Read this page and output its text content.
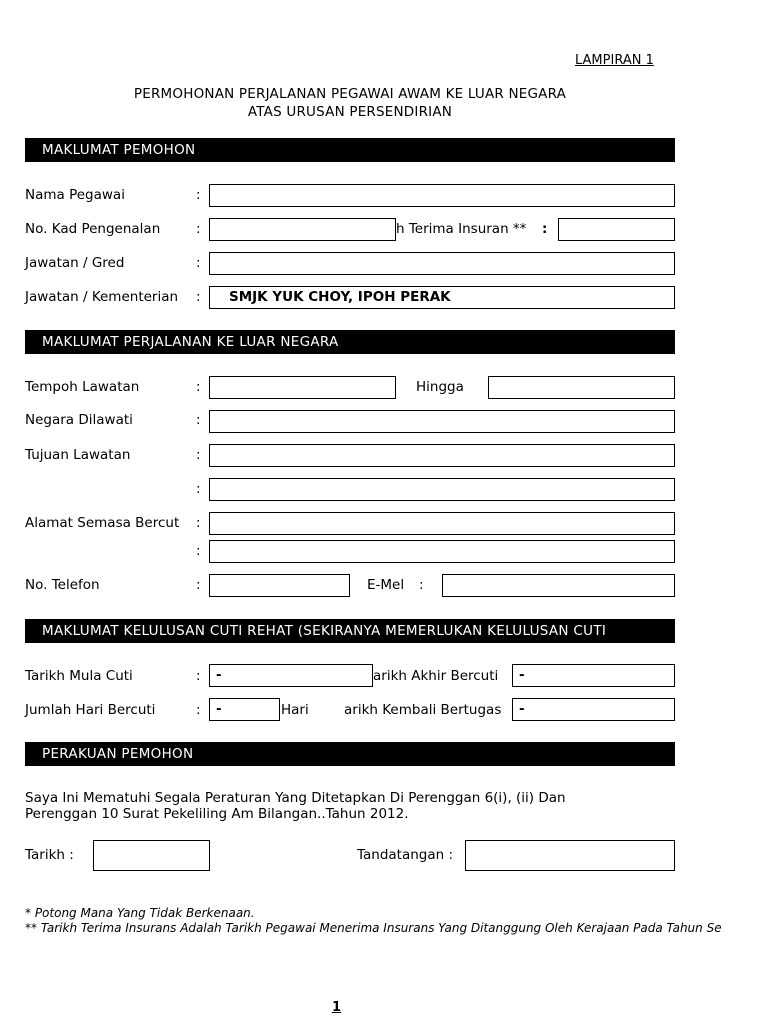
LAMPIRAN 1
PERMOHONAN PERJALANAN PEGAWAI AWAM KE LUAR NEGARA
ATAS URUSAN PERSENDIRIAN
MAKLUMAT PEMOHON
Nama Pegawai	:
No. Kad Pengenalan	:	h Terima Insuran ** :
Jawatan / Gred	:
Jawatan / Kementerian :	SMJK YUK CHOY, IPOH PERAK
MAKLUMAT PERJALANAN KE LUAR NEGARA
Tempoh Lawatan	:	Hingga
Negara Dilawati	:
Tujuan Lawatan	:
:
Alamat Semasa Bercut :
:
No. Telefon	:	E-Mel :
MAKLUMAT KELULUSAN CUTI REHAT (SEKIRANYA MEMERLUKAN KELULUSAN CUTI
Tarikh Mula Cuti	:	-	arikh Akhir Bercuti	-
Jumlah Hari Bercuti	:	-	Hari	arikh Kembali Bertugas	-
PERAKUAN PEMOHON
Saya Ini Mematuhi Segala Peraturan Yang Ditetapkan Di Perenggan 6(i), (ii) Dan
Perenggan 10 Surat Pekeliling Am Bilangan..Tahun 2012.
Tarikh :	Tandatangan :
* Potong Mana Yang Tidak Berkenaan.
** Tarikh Terima Insurans Adalah Tarikh Pegawai Menerima Insurans Yang Ditanggung Oleh Kerajaan Pada Tahun Se
1
